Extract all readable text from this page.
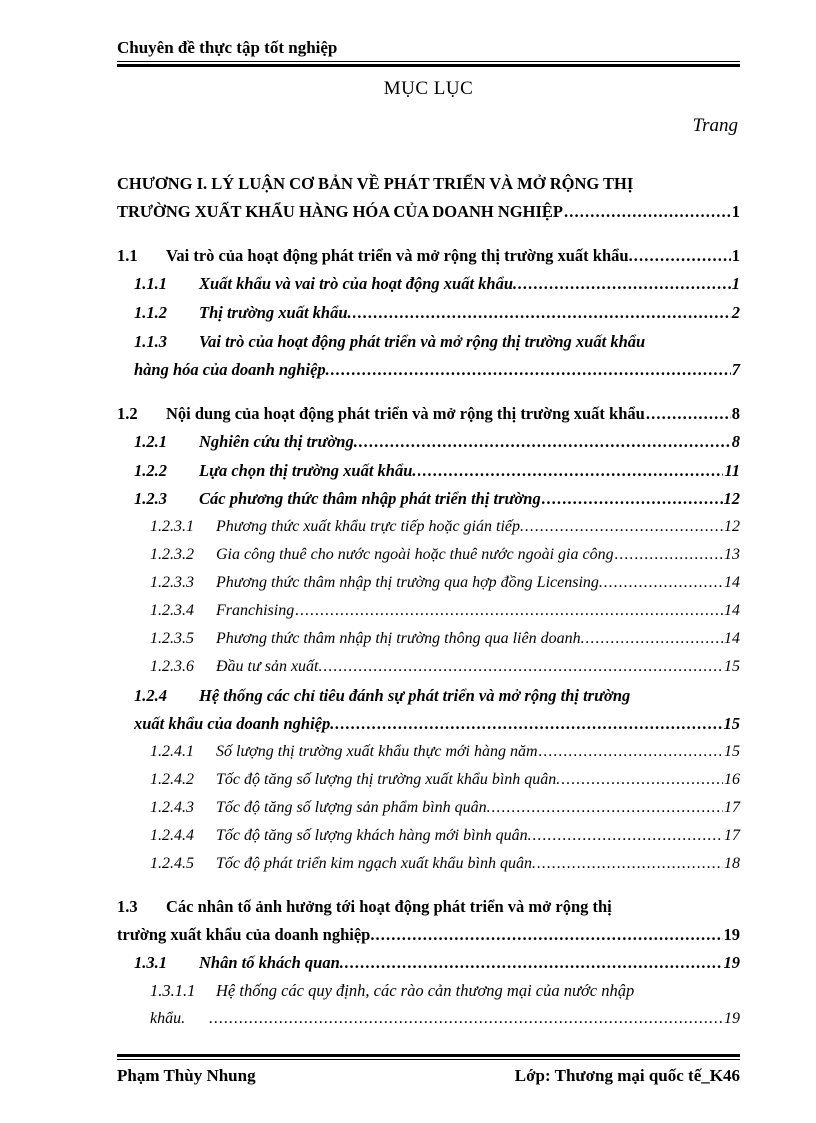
Chuyên đề thực tập tốt nghiệp
MỤC LỤC
Trang
CHƯƠNG I. LÝ LUẬN CƠ BẢN VỀ PHÁT TRIỂN VÀ MỞ RỘNG THỊ
TRƯỜNG XUẤT KHẨU HÀNG HÓA CỦA DOANH NGHIỆP . . .	1
1.1	Vai trò của hoạt động phát triển và mở rộng thị trường xuất khẩu. . . .	1
1.1.1	Xuất khẩu và vai trò của hoạt động xuất khẩu. . . .	1
1.1.2	Thị trường xuất khẩu. . . .	2
1.1.3 Vai trò của hoạt động phát triển và mở rộng thị trường xuất khẩu
hàng hóa của doanh nghiệp. . . .	7
1.2	Nội dung của hoạt động phát triển và mở rộng thị trường xuất khẩu . . .	8
1.2.1	Nghiên cứu thị trường. . . .	8
1.2.2	Lựa chọn thị trường xuất khẩu. . . .	11
1.2.3	Các phương thức thâm nhập phát triển thị trường . . .	12
1.2.3.1	Phương thức xuất khẩu trực tiếp hoặc gián tiếp. . . .	12
1.2.3.2	Gia công thuê cho nước ngoài hoặc thuê nước ngoài gia công . . .	13
1.2.3.3	Phương thức thâm nhập thị trường qua hợp đồng Licensing. . . .	14
1.2.3.4	Franchising . . .	14
1.2.3.5	Phương thức thâm nhập thị trường thông qua liên doanh. . . .	14
1.2.3.6	Đầu tư sản xuất. . . .	15
1.2.4 Hệ thống các chỉ tiêu đánh sự phát triển và mở rộng thị trường
xuất khẩu của doanh nghiệp. . . .	15
1.2.4.1	Số lượng thị trường xuất khẩu thực mới hàng năm . . .	15
1.2.4.2	Tốc độ tăng số lượng thị trường xuất khẩu bình quân. . . .	16
1.2.4.3	Tốc độ tăng số lượng sản phẩm bình quân. . . .	17
1.2.4.4	Tốc độ tăng số lượng khách hàng mới bình quân. . . .	17
1.2.4.5	Tốc độ phát triển kim ngạch xuất khẩu bình quân. . . .	18
1.3 Các nhân tố ảnh hưởng tới hoạt động phát triển và mở rộng thị
trường xuất khẩu của doanh nghiệp. . . .	19
1.3.1	Nhân tố khách quan. . . .	19
1.3.1.1 Hệ thống các quy định, các rào cản thương mại của nước nhập
khẩu. . . .	19
Phạm Thùy Nhung	Lớp: Thương mại quốc tế_K46
